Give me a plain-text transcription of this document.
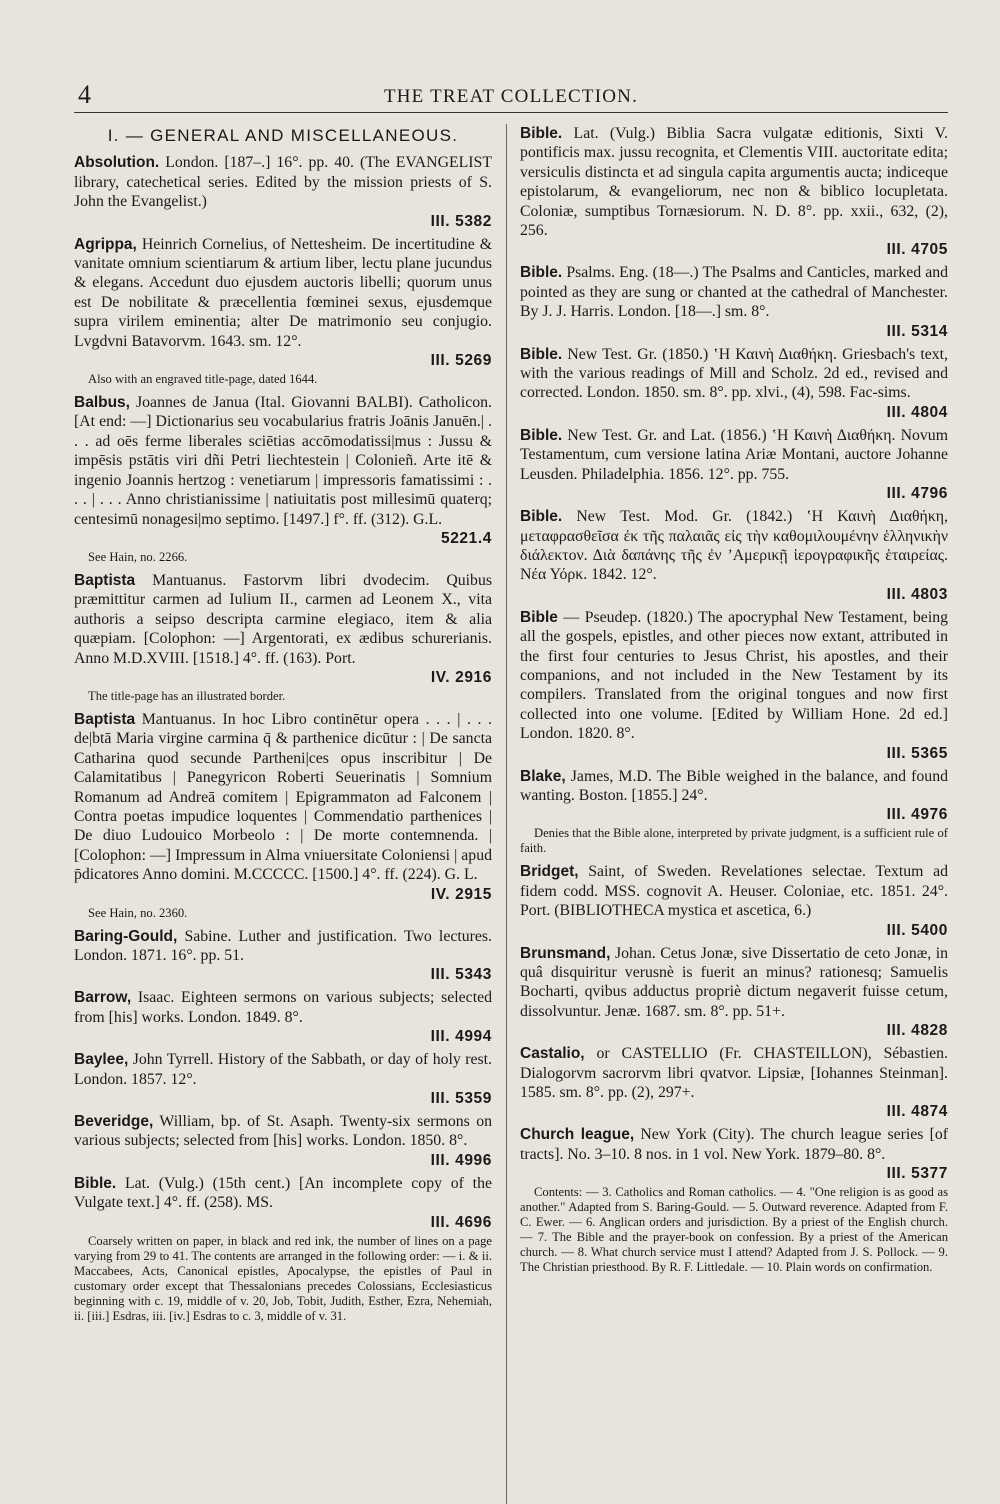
4	THE TREAT COLLECTION.
I. — GENERAL AND MISCELLANEOUS.
Absolution. London. [187–.] 16°. pp. 40. (The EVANGELIST library, catechetical series. Edited by the mission priests of S. John the Evangelist.)
III. 5382
Agrippa, Heinrich Cornelius, of Nettesheim. De incertitudine & vanitate omnium scientiarum & artium liber, lectu plane jucundus & elegans. Accedunt duo ejusdem auctoris libelli; quorum unus est De nobilitate & præcellentia fœminei sexus, ejusdemque supra virilem eminentia; alter De matrimonio seu conjugio. Lvgdvni Batavorvm. 1643. sm. 12°.
III. 5269
Also with an engraved title-page, dated 1644.
Balbus, Joannes de Janua (Ital. Giovanni BALBI). Catholicon. [At end: —] Dictionarius seu vocabularius fratris Joānis Januēn.| . . . ad oēs ferme liberales sciētias accōmodatissi|mus : Jussu & impēsis pstātis viri dñi Petri liechtestein | Colonieñ. Arte itē & ingenio Joannis hertzog : venetiarum | impressoris famatissimi : . . . | . . . Anno christianissime | natiuitatis post millesimū quaterq; centesimū nonagesi|mo septimo. [1497.] f°. ff. (312). G.L.
5221.4
See Hain, no. 2266.
Baptista Mantuanus. Fastorvm libri dvodecim. Quibus præmittitur carmen ad Iulium II., carmen ad Leonem X., vita authoris a seipso descripta carmine elegiaco, item & alia quæpiam. [Colophon: —] Argentorati, ex ædibus schurerianis. Anno M.D.XVIII. [1518.] 4°. ff. (163). Port.
IV. 2916
The title-page has an illustrated border.
Baptista Mantuanus. In hoc Libro continētur opera . . . | . . . de|btā Maria virgine carmina q̄ & parthenice dicūtur : | De sancta Catharina quod secunde Partheni|ces opus inscribitur | De Calamitatibus | Panegyricon Roberti Seuerinatis | Somnium Romanum ad Andreā comitem | Epigrammaton ad Falconem | Contra poetas impudice loquentes | Commendatio parthenices | De diuo Ludouico Morbeolo : | De morte contemnenda. | [Colophon: —] Impressum in Alma vniuersitate Coloniensi | apud p̄dicatores Anno domini. M.CCCCC. [1500.] 4°. ff. (224). G. L.
IV. 2915
See Hain, no. 2360.
Baring-Gould, Sabine. Luther and justification. Two lectures. London. 1871. 16°. pp. 51.
III. 5343
Barrow, Isaac. Eighteen sermons on various subjects; selected from [his] works. London. 1849. 8°.
III. 4994
Baylee, John Tyrrell. History of the Sabbath, or day of holy rest. London. 1857. 12°.
III. 5359
Beveridge, William, bp. of St. Asaph. Twenty-six sermons on various subjects; selected from [his] works. London. 1850. 8°.
III. 4996
Bible. Lat. (Vulg.) (15th cent.) [An incomplete copy of the Vulgate text.] 4°. ff. (258). MS.
III. 4696
Coarsely written on paper, in black and red ink, the number of lines on a page varying from 29 to 41. The contents are arranged in the following order: — i. & ii. Maccabees, Acts, Canonical epistles, Apocalypse, the epistles of Paul in customary order except that Thessalonians precedes Colossians, Ecclesiasticus beginning with c. 19, middle of v. 20, Job, Tobit, Judith, Esther, Ezra, Nehemiah, ii. [iii.] Esdras, iii. [iv.] Esdras to c. 3, middle of v. 31.
Bible. Lat. (Vulg.) Biblia Sacra vulgatæ editionis, Sixti V. pontificis max. jussu recognita, et Clementis VIII. auctoritate edita; versiculis distincta et ad singula capita argumentis aucta; indiceque epistolarum, & evangeliorum, nec non & biblico locupletata. Coloniæ, sumptibus Tornæsiorum. N. D. 8°. pp. xxii., 632, (2), 256.
III. 4705
Bible. Psalms. Eng. (18—.) The Psalms and Canticles, marked and pointed as they are sung or chanted at the cathedral of Manchester. By J. J. Harris. London. [18—.] sm. 8°.
III. 5314
Bible. New Test. Gr. (1850.) ʽΗ Καινὴ Διαθήκη. Griesbach's text, with the various readings of Mill and Scholz. 2d ed., revised and corrected. London. 1850. sm. 8°. pp. xlvi., (4), 598. Fac-sims.
III. 4804
Bible. New Test. Gr. and Lat. (1856.) ʽΗ Καινὴ Διαθήκη. Novum Testamentum, cum versione latina Ariæ Montani, auctore Johanne Leusden. Philadelphia. 1856. 12°. pp. 755.
III. 4796
Bible. New Test. Mod. Gr. (1842.) ʽΗ Καινὴ Διαθήκη, μεταφρασθεῖσα ἐκ τῆς παλαιᾶς εἰς τὴν καθομιλουμένην ἑλληνικὴν διάλεκτον. Διὰ δαπάνης τῆς ἐν ʼΑμερικῇ ἱερογραφικῆς ἑταιρείας. Νέα Υόρκ. 1842. 12°.
III. 4803
Bible — Pseudep. (1820.) The apocryphal New Testament, being all the gospels, epistles, and other pieces now extant, attributed in the first four centuries to Jesus Christ, his apostles, and their companions, and not included in the New Testament by its compilers. Translated from the original tongues and now first collected into one volume. [Edited by William Hone. 2d ed.] London. 1820. 8°.
III. 5365
Blake, James, M.D. The Bible weighed in the balance, and found wanting. Boston. [1855.] 24°.
III. 4976
Denies that the Bible alone, interpreted by private judgment, is a sufficient rule of faith.
Bridget, Saint, of Sweden. Revelationes selectae. Textum ad fidem codd. MSS. cognovit A. Heuser. Coloniae, etc. 1851. 24°. Port. (BIBLIOTHECA mystica et ascetica, 6.)
III. 5400
Brunsmand, Johan. Cetus Jonæ, sive Dissertatio de ceto Jonæ, in quâ disquiritur verusnè is fuerit an minus? rationesq; Samuelis Bocharti, qvibus adductus propriè dictum negaverit fuisse cetum, dissolvuntur. Jenæ. 1687. sm. 8°. pp. 51+.
III. 4828
Castalio, or CASTELLIO (Fr. CHASTEILLON), Sébastien. Dialogorvm sacrorvm libri qvatvor. Lipsiæ, [Iohannes Steinman]. 1585. sm. 8°. pp. (2), 297+.
III. 4874
Church league, New York (City). The church league series [of tracts]. No. 3–10. 8 nos. in 1 vol. New York. 1879–80. 8°.
III. 5377
Contents: — 3. Catholics and Roman catholics. — 4. "One religion is as good as another." Adapted from S. Baring-Gould. — 5. Outward reverence. Adapted from F. C. Ewer. — 6. Anglican orders and jurisdiction. By a priest of the English church. — 7. The Bible and the prayer-book on confession. By a priest of the American church. — 8. What church service must I attend? Adapted from J. S. Pollock. — 9. The Christian priesthood. By R. F. Littledale. — 10. Plain words on confirmation.
